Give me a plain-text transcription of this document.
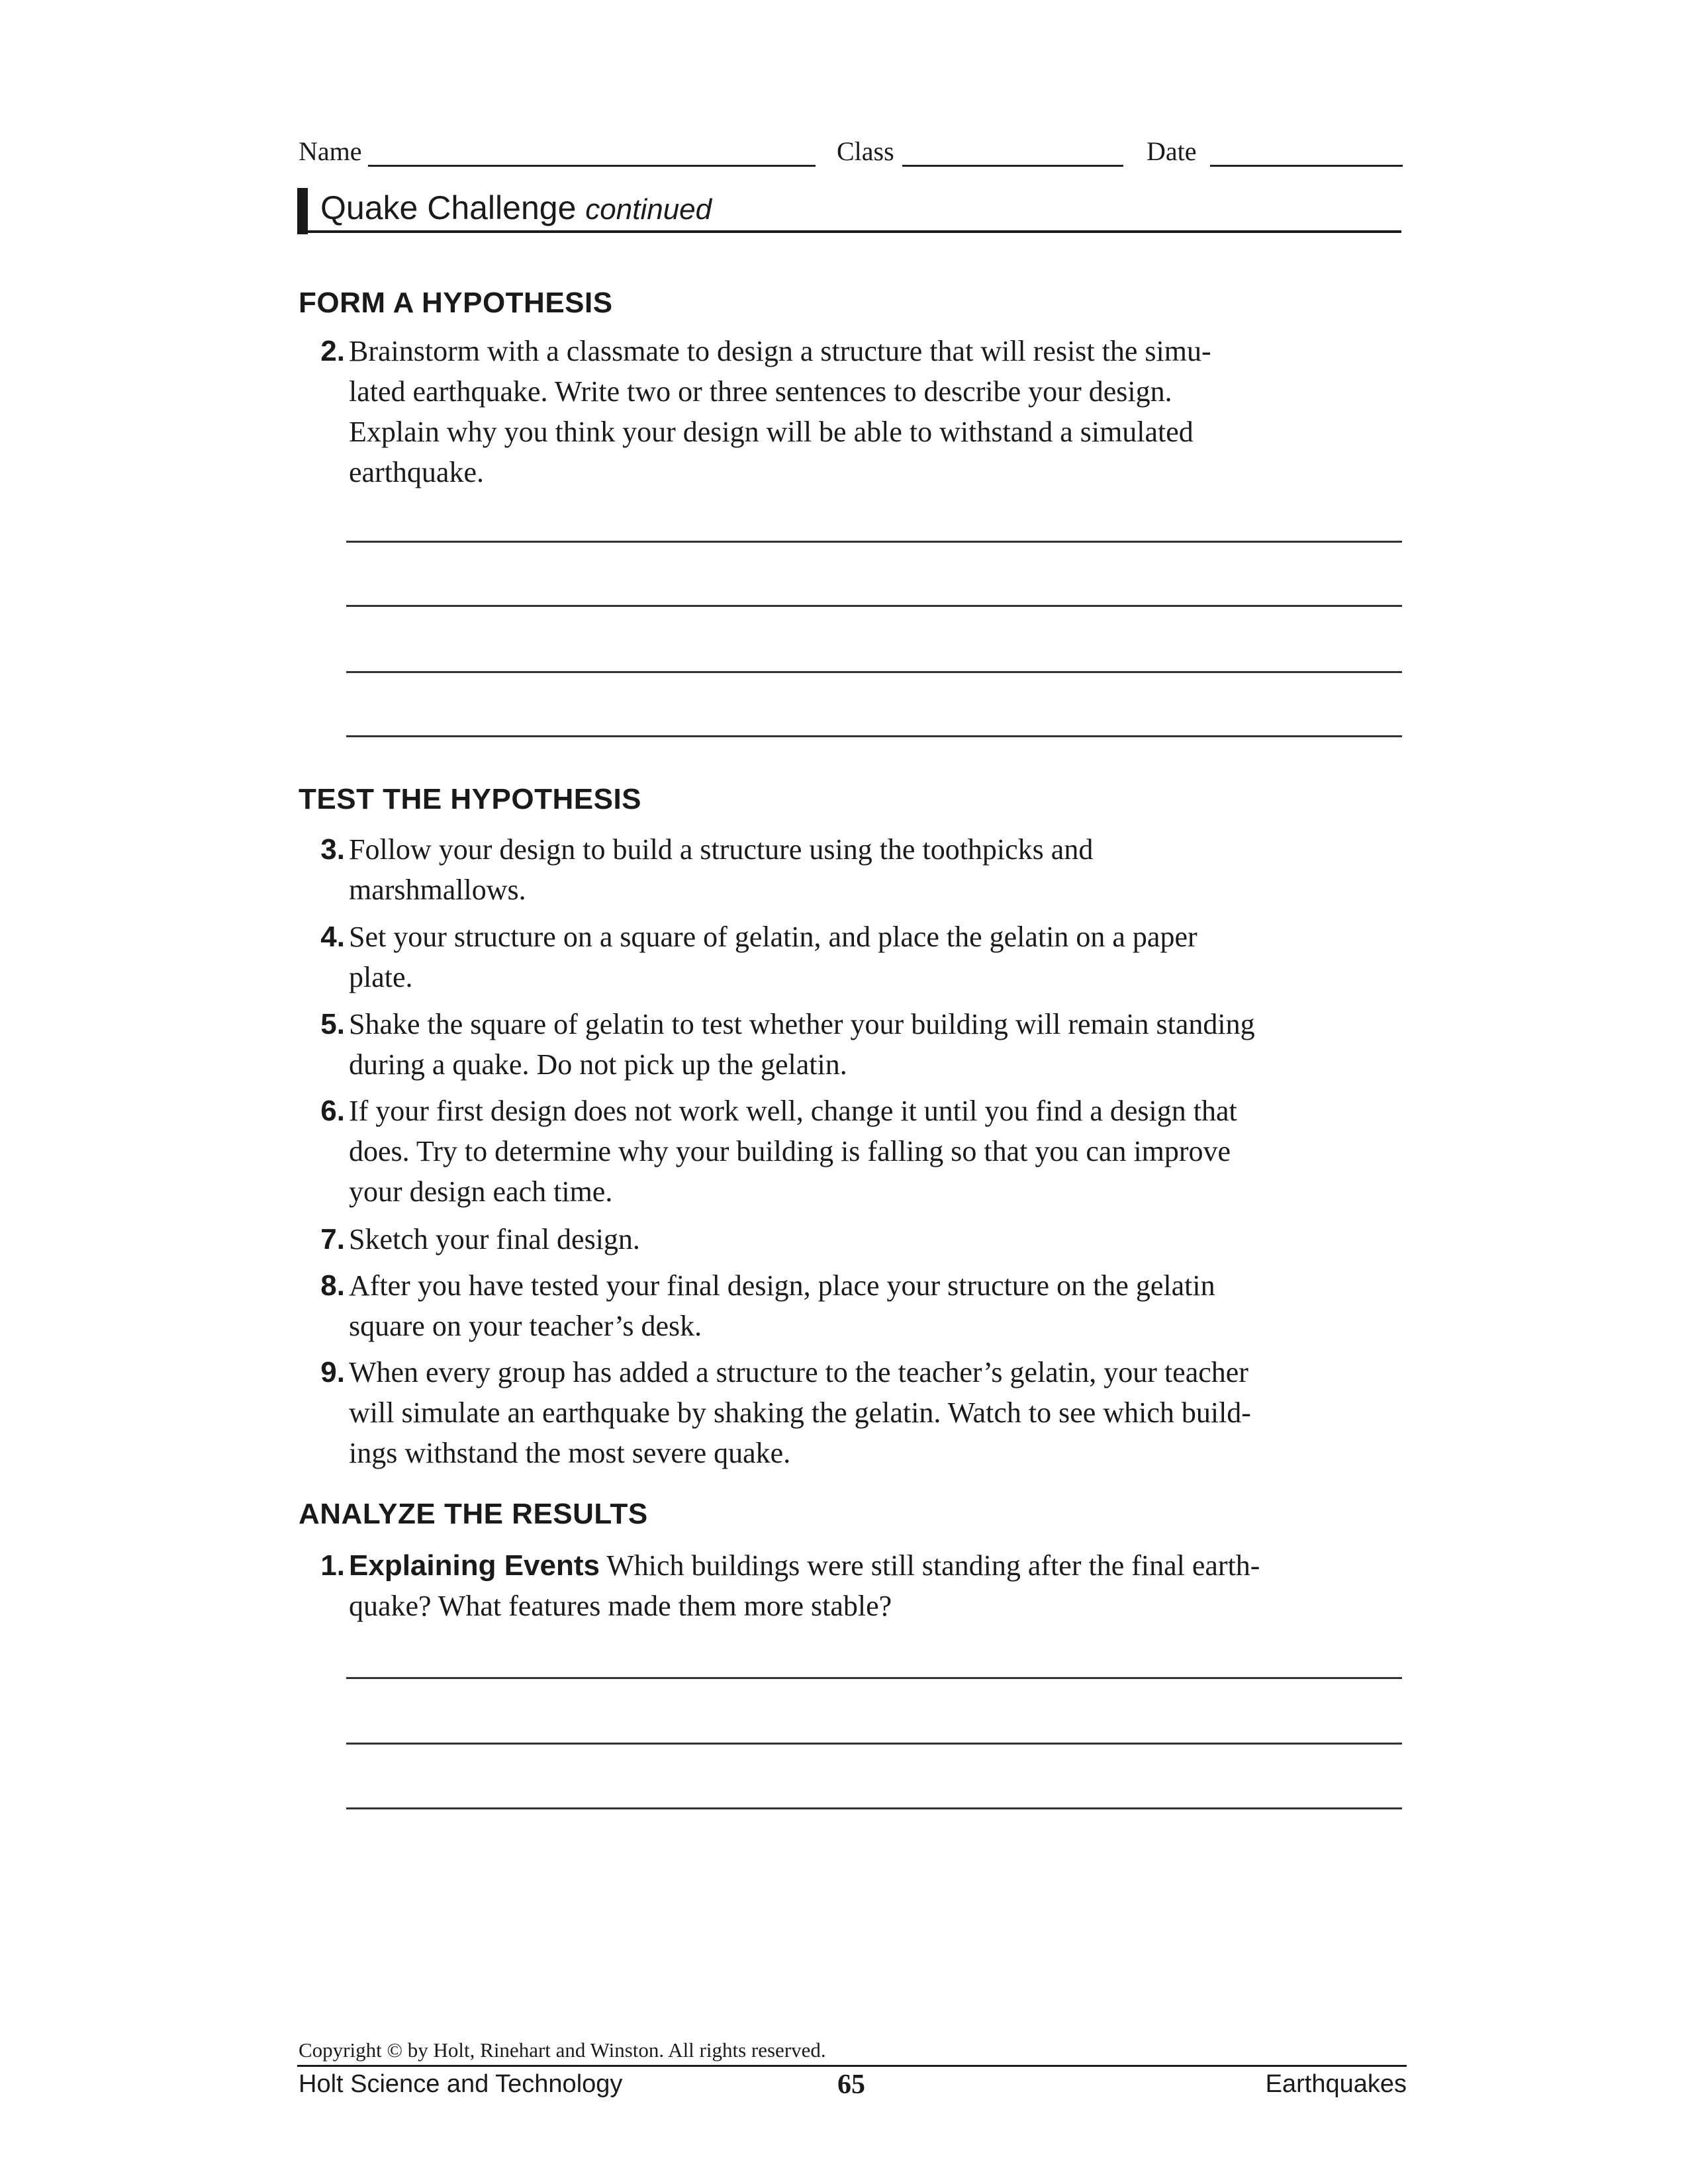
Name	Class	Date
Quake Challenge continued
FORM A HYPOTHESIS
2. Brainstorm with a classmate to design a structure that will resist the simu-
lated earthquake. Write two or three sentences to describe your design.
Explain why you think your design will be able to withstand a simulated
earthquake.
TEST THE HYPOTHESIS
3. Follow your design to build a structure using the toothpicks and
marshmallows.
4. Set your structure on a square of gelatin, and place the gelatin on a paper
plate.
5. Shake the square of gelatin to test whether your building will remain standing
during a quake. Do not pick up the gelatin.
6. If your first design does not work well, change it until you find a design that
does. Try to determine why your building is falling so that you can improve
your design each time.
7. Sketch your final design.
8. After you have tested your final design, place your structure on the gelatin
square on your teacher’s desk.
9. When every group has added a structure to the teacher’s gelatin, your teacher
will simulate an earthquake by shaking the gelatin. Watch to see which build-
ings withstand the most severe quake.
ANALYZE THE RESULTS
1. Explaining Events Which buildings were still standing after the final earth-
quake? What features made them more stable?
Copyright © by Holt, Rinehart and Winston. All rights reserved.
Holt Science and Technology	65	Earthquakes
